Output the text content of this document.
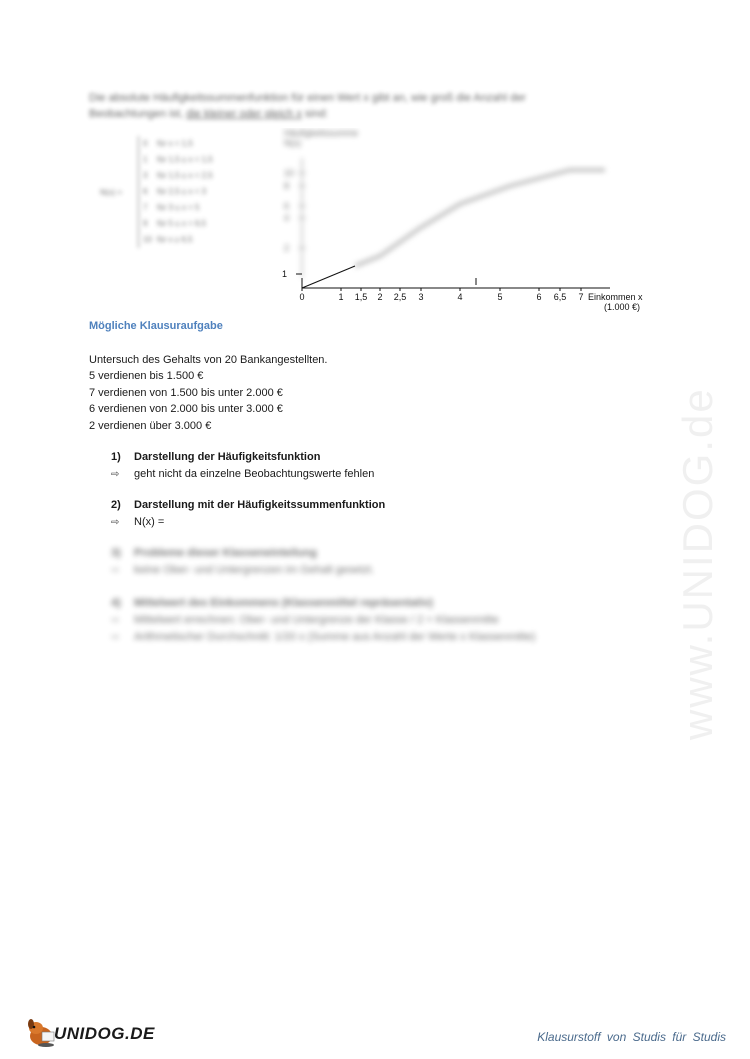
Die absolute Häufigkeitssummenfunktion für einen Wert x gibt an, wie groß die Anzahl der
Beobachtungen ist, die kleiner oder gleich x sind:
N(x) =
0 für x < 1,5
1 für 1,5 ≤ x < 1,5
3 für 1,5 ≤ x < 2,5
6 für 2,5 ≤ x < 3
7 für 3 ≤ x < 5
9 für 5 ≤ x < 6,5
10 für x ≥ 6,5
Häufigkeitssumme
N(x)
10
8
6
4
2
1
0	1 1,5 2 2,5 3	4	5	6 6,5 7 Einkommen x
(1.000 €)
Mögliche Klausuraufgabe
Untersuch des Gehalts von 20 Bankangestellten.
5 verdienen bis 1.500 €
7 verdienen von 1.500 bis unter 2.000 €
6 verdienen von 2.000 bis unter 3.000 €
2 verdienen über 3.000 €
1) Darstellung der Häufigkeitsfunktion
⇨ geht nicht da einzelne Beobachtungswerte fehlen
2) Darstellung mit der Häufigkeitssummenfunktion
⇨ N(x) =
3) Probleme dieser Klasseneinteilung
⇨ keine Ober- und Untergrenzen im Gehalt gesetzt.
4) Mittelwert des Einkommens (Klassenmittel repräsentativ)
⇨ Mittelwert errechnen: Ober- und Untergrenze der Klasse / 2 = Klassenmitte
⇨ Arithmetischer Durchschnitt: 1/20 x (Summe aus Anzahl der Werte x Klassenmitte)	www.UNIDOG.de
UNIDOG.DE	Klausurstoff von Studis für Studis
